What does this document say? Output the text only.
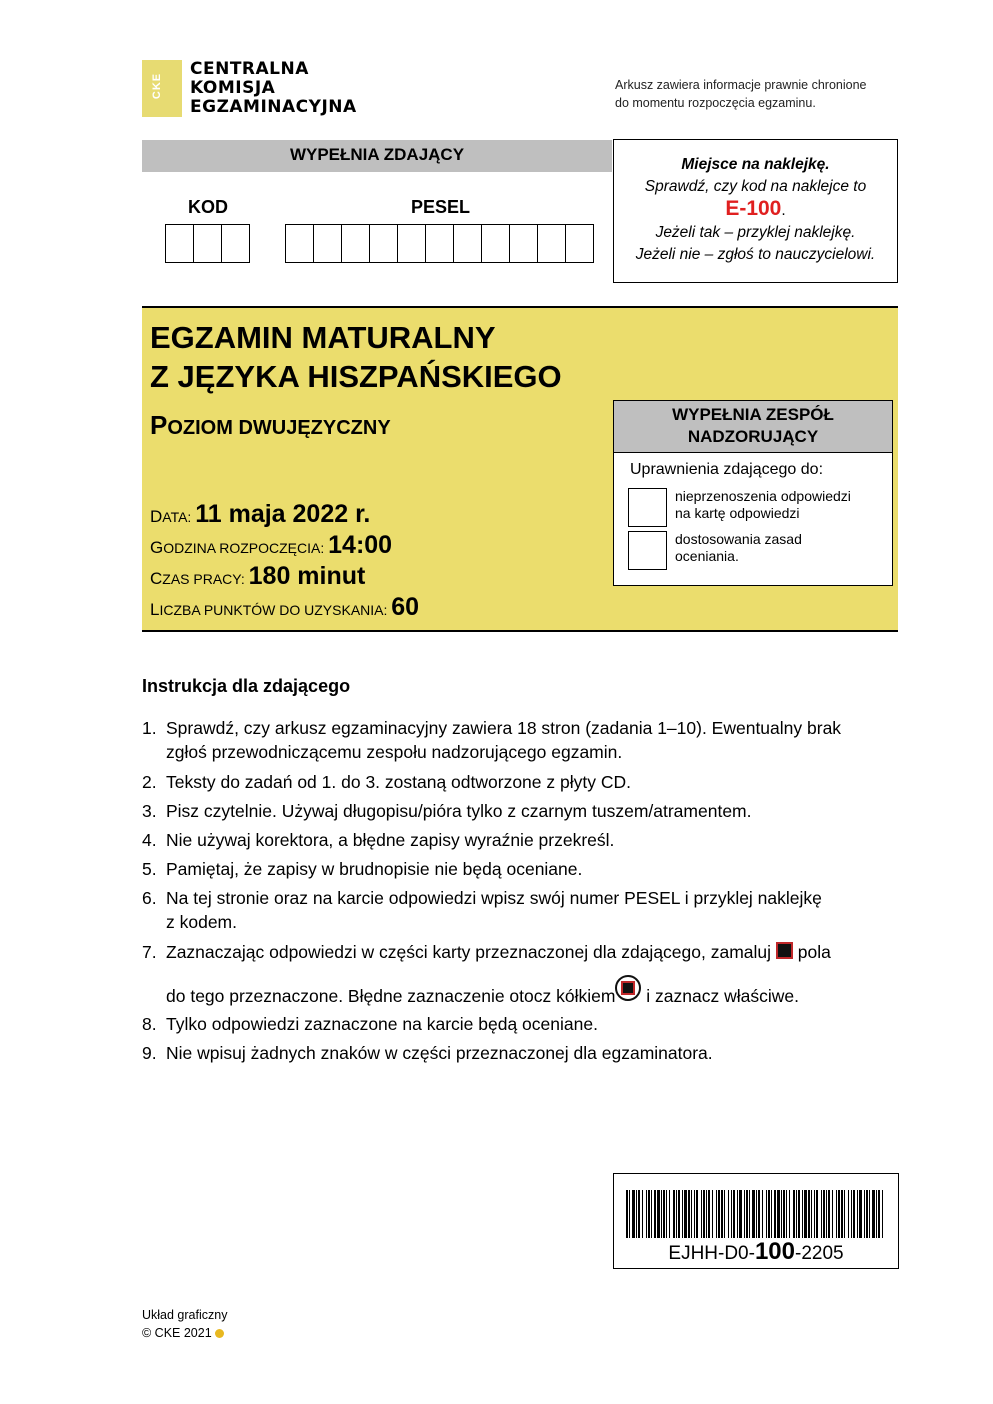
CKE
CENTRALNA
KOMISJA
EGZAMINACYJNA
Arkusz zawiera informacje prawnie chronione
do momentu rozpoczęcia egzaminu.
WYPEŁNIA ZDAJĄCY
KOD	PESEL
Miejsce na naklejkę.
Sprawdź, czy kod na naklejce to
E-100.
Jeżeli tak – przyklej naklejkę.
Jeżeli nie – zgłoś to nauczycielowi.
EGZAMIN MATURALNY
Z JĘZYKA HISZPAŃSKIEGO
POZIOM DWUJĘZYCZNY
DATA: 11 maja 2022 r.
GODZINA ROZPOCZĘCIA: 14:00
CZAS PRACY: 180 minut
LICZBA PUNKTÓW DO UZYSKANIA: 60
WYPEŁNIA ZESPÓŁ
NADZORUJĄCY
Uprawnienia zdającego do:
nieprzenoszenia odpowiedzi
na kartę odpowiedzi
dostosowania zasad
oceniania.
Instrukcja dla zdającego
1. Sprawdź, czy arkusz egzaminacyjny zawiera 18 stron (zadania 1–10). Ewentualny brak
zgłoś przewodniczącemu zespołu nadzorującego egzamin.
2. Teksty do zadań od 1. do 3. zostaną odtworzone z płyty CD.
3. Pisz czytelnie. Używaj długopisu/pióra tylko z czarnym tuszem/atramentem.
4. Nie używaj korektora, a błędne zapisy wyraźnie przekreśl.
5. Pamiętaj, że zapisy w brudnopisie nie będą oceniane.
6. Na tej stronie oraz na karcie odpowiedzi wpisz swój numer PESEL i przyklej naklejkę
z kodem.
7. Zaznaczając odpowiedzi w części karty przeznaczonej dla zdającego, zamaluj  pola
do tego przeznaczone. Błędne zaznaczenie otocz kółkiem
i zaznacz właściwe.
8. Tylko odpowiedzi zaznaczone na karcie będą oceniane.
9. Nie wpisuj żadnych znaków w części przeznaczonej dla egzaminatora.
EJHH-D0-100-2205
Układ graficzny
© CKE 2021
